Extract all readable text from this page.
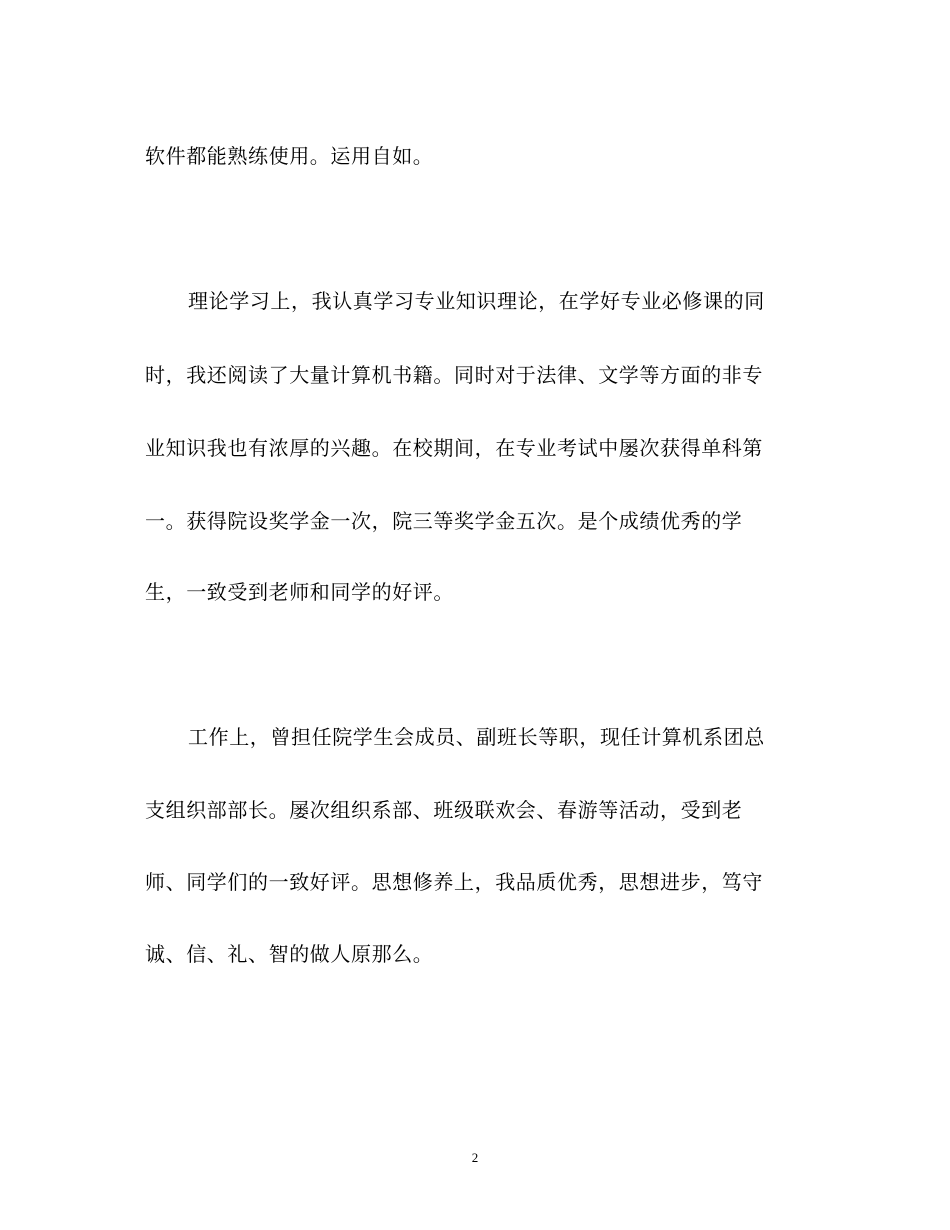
软件都能熟练使用。运用自如。
理论学习上，我认真学习专业知识理论，在学好专业必修课的同
时，我还阅读了大量计算机书籍。同时对于法律、文学等方面的非专
业知识我也有浓厚的兴趣。在校期间，在专业考试中屡次获得单科第
一。获得院设奖学金一次，院三等奖学金五次。是个成绩优秀的学
生，一致受到老师和同学的好评。
工作上，曾担任院学生会成员、副班长等职，现任计算机系团总
支组织部部长。屡次组织系部、班级联欢会、春游等活动，受到老
师、同学们的一致好评。思想修养上，我品质优秀，思想进步，笃守
诚、信、礼、智的做人原那么。
2
